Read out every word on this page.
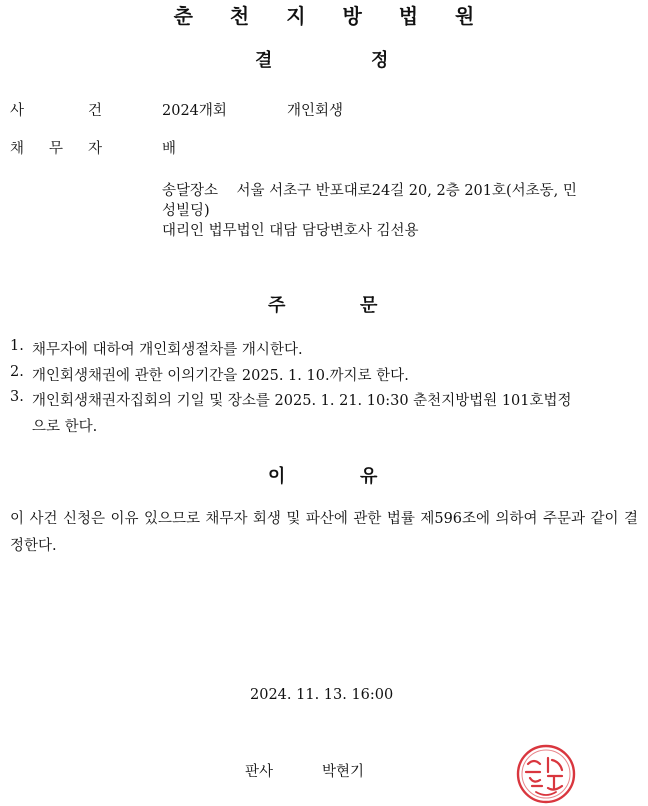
춘 천 지 방 법 원
결	정
사	건	2024개회	개인회생
채 무 자	배
송달장소    서울 서초구 반포대로24길 20, 2층 201호(서초동, 민
성빌딩)
대리인 법무법인 대담 담당변호사 김선용
주	문
1. 채무자에 대하여 개인회생절차를 개시한다.
2. 개인회생채권에 관한 이의기간을 2025. 1. 10.까지로 한다.
3. 개인회생채권자집회의 기일 및 장소를 2025. 1. 21. 10:30 춘천지방법원 101호법정
으로 한다.
이	유
이 사건 신청은 이유 있으므로 채무자 회생 및 파산에 관한 법률 제596조에 의하여 주문과 같이 결정한다.
2024. 11. 13. 16:00
판사	박현기
